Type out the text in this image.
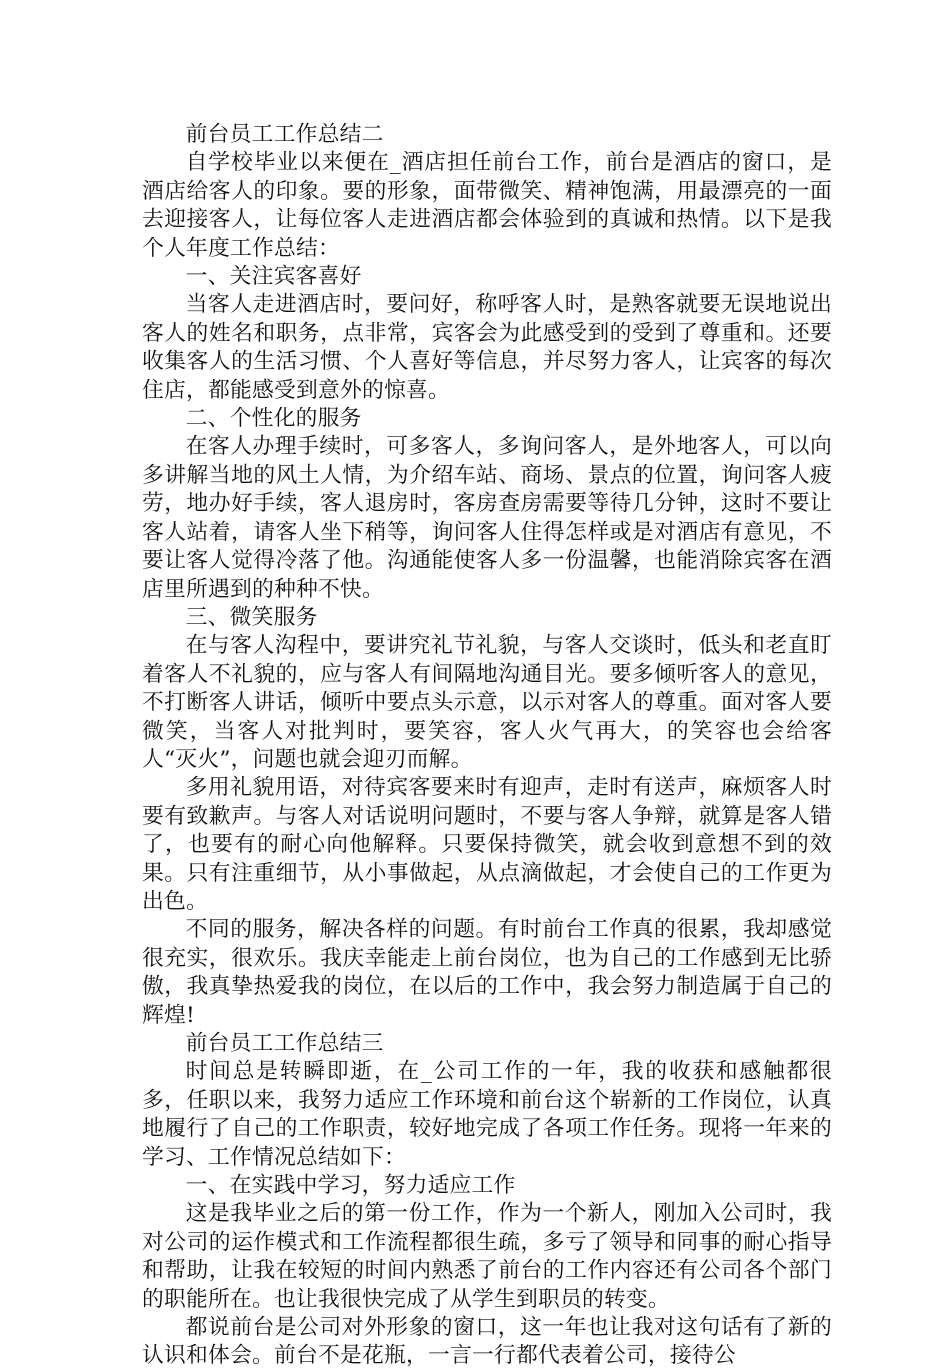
前台员工工作总结二

自学校毕业以来便在_酒店担任前台工作，前台是酒店的窗口，是酒店给客人的印象。要的形象，面带微笑、精神饱满，用最漂亮的一面去迎接客人，让每位客人走进酒店都会体验到的真诚和热情。以下是我个人年度工作总结：

一、关注宾客喜好

当客人走进酒店时，要问好，称呼客人时，是熟客就要无误地说出客人的姓名和职务，点非常，宾客会为此感受到的受到了尊重和。还要收集客人的生活习惯、个人喜好等信息，并尽努力客人，让宾客的每次住店，都能感受到意外的惊喜。

二、个性化的服务

在客人办理手续时，可多客人，多询问客人，是外地客人，可以向多讲解当地的风土人情，为介绍车站、商场、景点的位置，询问客人疲劳，地办好手续，客人退房时，客房查房需要等待几分钟，这时不要让客人站着，请客人坐下稍等，询问客人住得怎样或是对酒店有意见，不要让客人觉得冷落了他。沟通能使客人多一份温馨，也能消除宾客在酒店里所遇到的种种不快。

三、微笑服务

在与客人沟程中，要讲究礼节礼貌，与客人交谈时，低头和老直盯着客人不礼貌的，应与客人有间隔地沟通目光。要多倾听客人的意见，不打断客人讲话，倾听中要点头示意，以示对客人的尊重。面对客人要微笑，当客人对批判时，要笑容，客人火气再大，的笑容也会给客人“灭火”，问题也就会迎刃而解。

多用礼貌用语，对待宾客要来时有迎声，走时有送声，麻烦客人时要有致歉声。与客人对话说明问题时，不要与客人争辩，就算是客人错了，也要有的耐心向他解释。只要保持微笑，就会收到意想不到的效果。只有注重细节，从小事做起，从点滴做起，才会使自己的工作更为出色。

不同的服务，解决各样的问题。有时前台工作真的很累，我却感觉很充实，很欢乐。我庆幸能走上前台岗位，也为自己的工作感到无比骄傲，我真挚热爱我的岗位，在以后的工作中，我会努力制造属于自己的辉煌!

前台员工工作总结三

时间总是转瞬即逝，在_公司工作的一年，我的收获和感触都很多，任职以来，我努力适应工作环境和前台这个崭新的工作岗位，认真地履行了自己的工作职责，较好地完成了各项工作任务。现将一年来的学习、工作情况总结如下：

一、在实践中学习，努力适应工作

这是我毕业之后的第一份工作，作为一个新人，刚加入公司时，我对公司的运作模式和工作流程都很生疏，多亏了领导和同事的耐心指导和帮助，让我在较短的时间内熟悉了前台的工作内容还有公司各个部门的职能所在。也让我很快完成了从学生到职员的转变。

都说前台是公司对外形象的窗口，这一年也让我对这句话有了新的认识和体会。前台不是花瓶，一言一行都代表着公司，接待公
